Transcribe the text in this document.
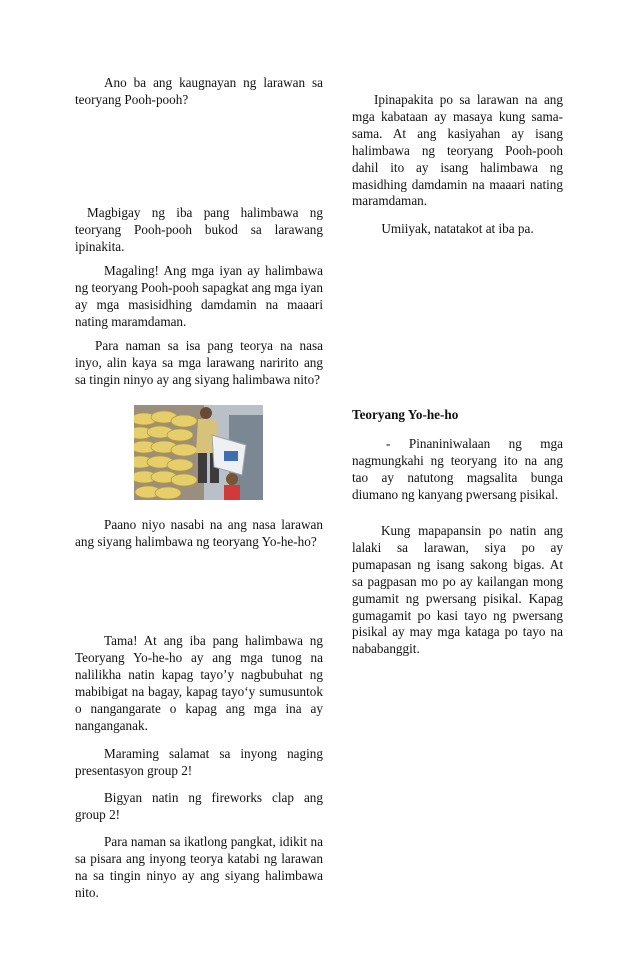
Ano ba ang kaugnayan ng larawan sa teoryang Pooh-pooh?

Magbigay ng iba pang halimbawa ng teoryang Pooh-pooh bukod sa larawang ipinakita.

Magaling! Ang mga iyan ay halimbawa ng teoryang Pooh-pooh sapagkat ang mga iyan ay mga masisidhing damdamin na maaari nating maramdaman.

Para naman sa isa pang teorya na nasa inyo, alin kaya sa mga larawang naririto ang sa tingin ninyo ay ang siyang halimbawa nito?

Paano niyo nasabi na ang nasa larawan ang siyang halimbawa ng teoryang Yo-he-ho?

Tama! At ang iba pang halimbawa ng Teoryang Yo-he-ho ay ang mga tunog na nalilikha natin kapag tayo’y nagbubuhat ng mabibigat na bagay, kapag tayo‘y sumusuntok o nangangarate o kapag ang mga ina ay nanganganak.

Maraming salamat sa inyong naging presentasyon group 2!

Bigyan natin ng fireworks clap ang group 2!

Para naman sa ikatlong pangkat, idikit na sa pisara ang inyong teorya katabi ng larawan na sa tingin ninyo ay ang siyang halimbawa nito.

Ipinapakita po sa larawan na ang mga kabataan ay masaya kung sama-sama. At ang kasiyahan ay isang halimbawa ng teoryang Pooh-pooh dahil ito ay isang halimbawa ng masidhing damdamin na maaari nating maramdaman.

Umiiyak, natatakot at iba pa.

Teoryang Yo-he-ho

- Pinaniniwalaan ng mga nagmungkahi ng teoryang ito na ang tao ay natutong magsalita bunga diumano ng kanyang pwersang pisikal.

Kung mapapansin po natin ang lalaki sa larawan, siya po ay pumapasan ng isang sakong bigas. At sa pagpasan mo po ay kailangan mong gumamit ng pwersang pisikal. Kapag gumagamit po kasi tayo ng pwersang pisikal ay may mga kataga po tayo na nababanggit.
